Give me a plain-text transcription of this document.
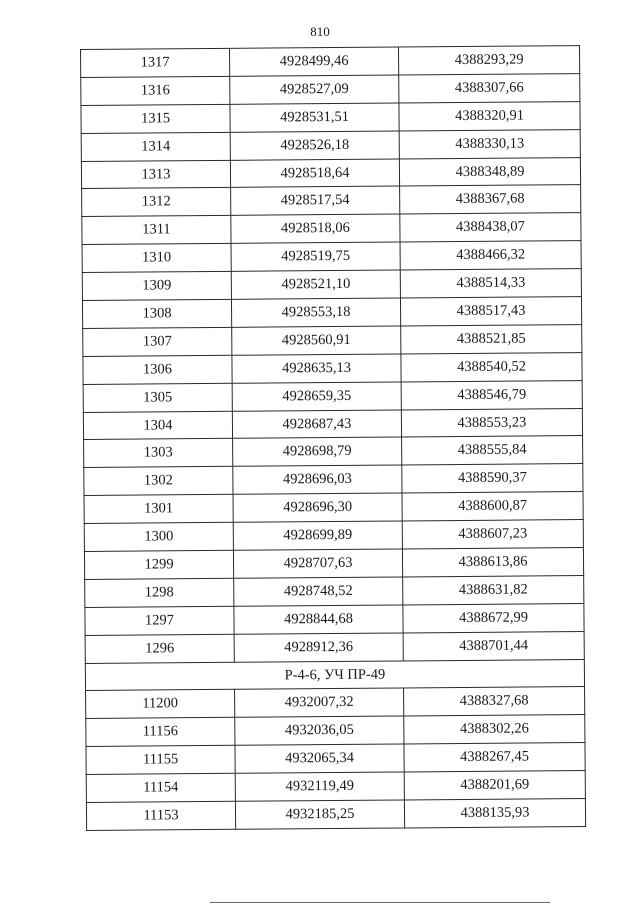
810
1317	4928499,46	4388293,29
1316	4928527,09	4388307,66
1315	4928531,51	4388320,91
1314	4928526,18	4388330,13
1313	4928518,64	4388348,89
1312	4928517,54	4388367,68
1311	4928518,06	4388438,07
1310	4928519,75	4388466,32
1309	4928521,10	4388514,33
1308	4928553,18	4388517,43
1307	4928560,91	4388521,85
1306	4928635,13	4388540,52
1305	4928659,35	4388546,79
1304	4928687,43	4388553,23
1303	4928698,79	4388555,84
1302	4928696,03	4388590,37
1301	4928696,30	4388600,87
1300	4928699,89	4388607,23
1299	4928707,63	4388613,86
1298	4928748,52	4388631,82
1297	4928844,68	4388672,99
1296	4928912,36	4388701,44
Р-4-6, УЧ ПР-49		
11200	4932007,32	4388327,68
11156	4932036,05	4388302,26
11155	4932065,34	4388267,45
11154	4932119,49	4388201,69
11153	4932185,25	4388135,93
